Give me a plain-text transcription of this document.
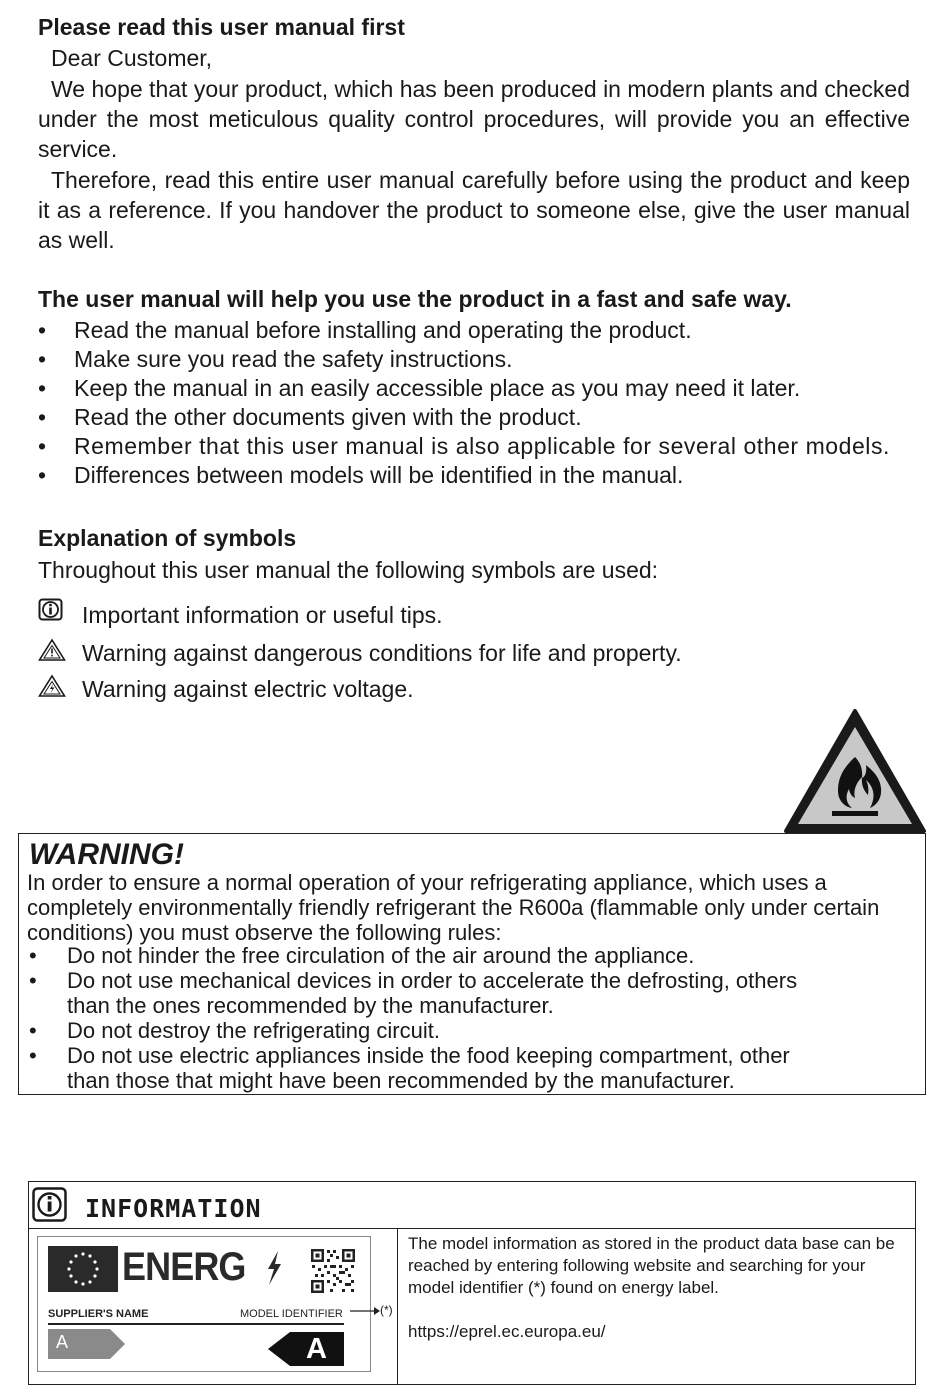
Please read this user manual first
Dear Customer,
We hope that your product, which has been produced in modern plants and checked under the most meticulous quality control procedures, will provide you an effective service.
Therefore, read this entire user manual carefully before using the product and keep it as a reference. If you handover the product to someone else, give the user manual as well.
The user manual will help you use the product in a fast and safe way.
• Read the manual before installing and operating the product.
• Make sure you read the safety instructions.
• Keep the manual in an easily accessible place as you may need it later.
• Read the other documents given with the product.
• Remember that this user manual is also applicable for several other models.
• Differences between models will be identified in the manual.
Explanation of symbols
Throughout this user manual the following symbols are used:
Important information or useful tips.
Warning against dangerous conditions for life and property.
Warning against electric voltage.
WARNING!
In order to ensure a normal operation of your refrigerating appliance, which uses a completely environmentally friendly refrigerant the R600a (flammable only under certain conditions) you must observe the following rules:
• Do not hinder the free circulation of the air around the appliance.
• Do not use mechanical devices in order to accelerate the defrosting, others
than the ones recommended by the manufacturer.
• Do not destroy the refrigerating circuit.
• Do not use electric appliances inside the food keeping compartment, other
than those that might have been recommended by the manufacturer.
INFORMATION
ENERG
SUPPLIER'S NAME	MODEL IDENTIFIER
A	A
(*)
The model information as stored in the product data base can be reached by entering following website and searching for your model identifier (*) found on energy label.
https://eprel.ec.europa.eu/
